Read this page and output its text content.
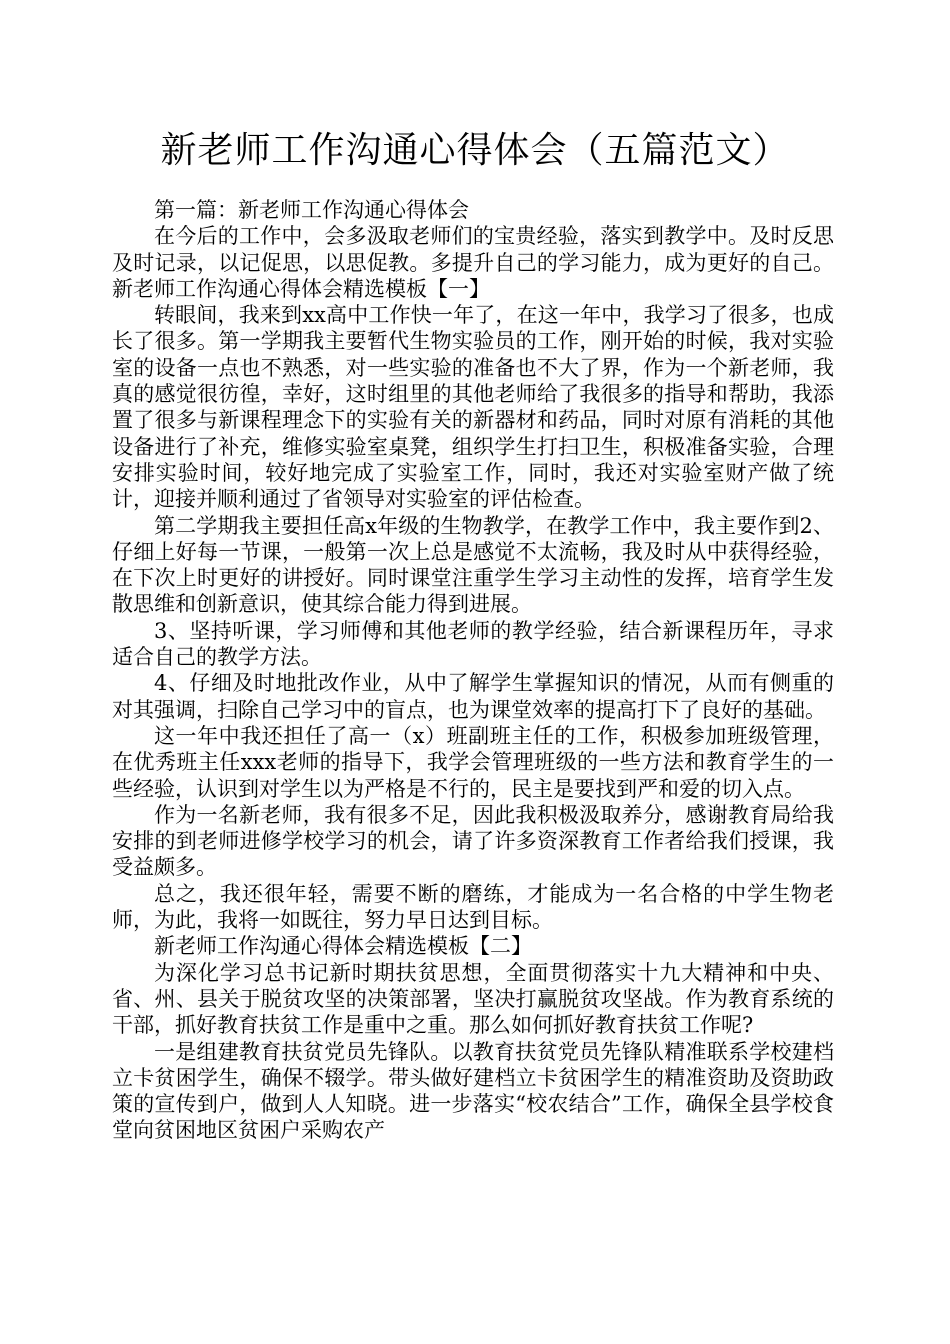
新老师工作沟通心得体会（五篇范文）

第一篇：新老师工作沟通心得体会

在今后的工作中，会多汲取老师们的宝贵经验，落实到教学中。及时反思及时记录，以记促思，以思促教。多提升自己的学习能力，成为更好的自己。新老师工作沟通心得体会精选模板【一】

转眼间，我来到xx高中工作快一年了，在这一年中，我学习了很多，也成长了很多。第一学期我主要暂代生物实验员的工作，刚开始的时候，我对实验室的设备一点也不熟悉，对一些实验的准备也不大了界，作为一个新老师，我真的感觉很彷徨，幸好，这时组里的其他老师给了我很多的指导和帮助，我添置了很多与新课程理念下的实验有关的新器材和药品，同时对原有消耗的其他设备进行了补充，维修实验室桌凳，组织学生打扫卫生，积极准备实验，合理安排实验时间，较好地完成了实验室工作，同时，我还对实验室财产做了统计，迎接并顺利通过了省领导对实验室的评估检查。

第二学期我主要担任高x年级的生物教学，在教学工作中，我主要作到2、仔细上好每一节课，一般第一次上总是感觉不太流畅，我及时从中获得经验，在下次上时更好的讲授好。同时课堂注重学生学习主动性的发挥，培育学生发散思维和创新意识，使其综合能力得到进展。

3、坚持听课，学习师傅和其他老师的教学经验，结合新课程历年，寻求适合自己的教学方法。

4、仔细及时地批改作业，从中了解学生掌握知识的情况，从而有侧重的对其强调，扫除自己学习中的盲点，也为课堂效率的提高打下了良好的基础。

这一年中我还担任了高一（x）班副班主任的工作，积极参加班级管理，在优秀班主任xxx老师的指导下，我学会管理班级的一些方法和教育学生的一些经验，认识到对学生以为严格是不行的，民主是要找到严和爱的切入点。

作为一名新老师，我有很多不足，因此我积极汲取养分，感谢教育局给我安排的到老师进修学校学习的机会，请了许多资深教育工作者给我们授课，我受益颇多。

总之，我还很年轻，需要不断的磨练，才能成为一名合格的中学生物老师，为此，我将一如既往，努力早日达到目标。

新老师工作沟通心得体会精选模板【二】

为深化学习总书记新时期扶贫思想，全面贯彻落实十九大精神和中央、省、州、县关于脱贫攻坚的决策部署，坚决打赢脱贫攻坚战。作为教育系统的干部，抓好教育扶贫工作是重中之重。那么如何抓好教育扶贫工作呢?

一是组建教育扶贫党员先锋队。以教育扶贫党员先锋队精准联系学校建档立卡贫困学生，确保不辍学。带头做好建档立卡贫困学生的精准资助及资助政策的宣传到户，做到人人知晓。进一步落实“校农结合”工作，确保全县学校食堂向贫困地区贫困户采购农产
